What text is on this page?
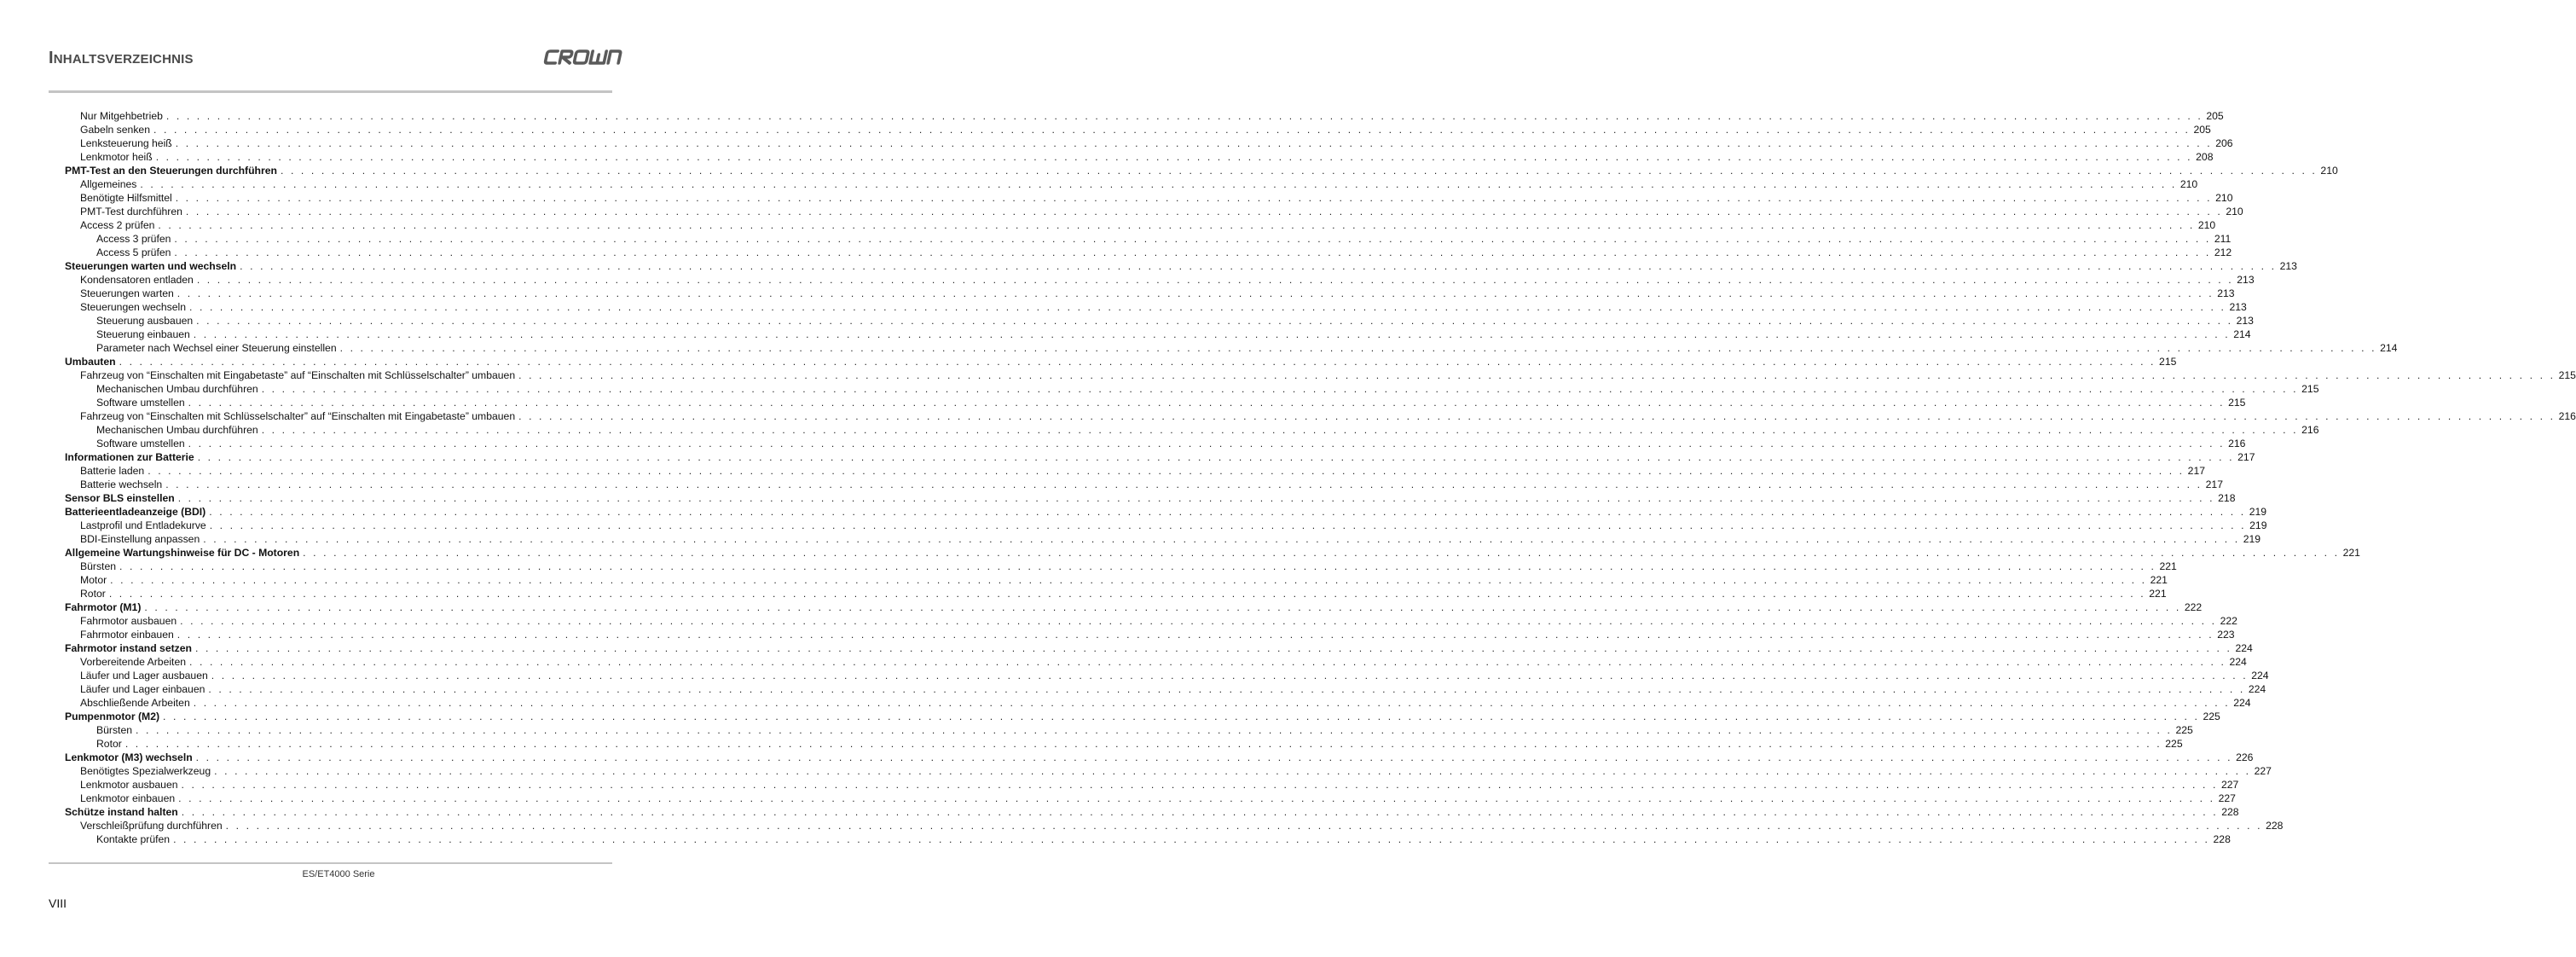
INHALTSVERZEICHNIS
Nur Mitgehbetrieb . . . . . . . . . . . . . . . . . . . . . . . . . . . . . . . . . . . . . . . . . . . . . . . . . . . . . . . . . . . . . . . . . . . . . . . . . . . . . . . . . . . . . . . . . . . . . . . . . . . . . . . . . . . . . . . . . . . . . . . . . . . . . . . . . . . . . . . . . . . . . . . . . . . . . . . . . . . . . . . . . . . . . . . . . . . . . . . . . . . . . . . . . . . . . . . . . . . . . . . . 205
Gabeln senken . . . . . . . . . . . . . . . . . . . . . . . . . . . . . . . . . . . . . . . . . . . . . . . . . . . . . . . . . . . . . . . . . . . . . . . . . . . . . . . . . . . . . . . . . . . . . . . . . . . . . . . . . . . . . . . . . . . . . . . . . . . . . . . . . . . . . . . . . . . . . . . . . . . . . . . . . . . . . . . . . . . . . . . . . . . . . . . . . . . . . . . . . . . . . . . . . . . . . . . . 205
Lenksteuerung heiß . . . . . . . . . . . . . . . . . . . . . . . . . . . . . . . . . . . . . . . . . . . . . . . . . . . . . . . . . . . . . . . . . . . . . . . . . . . . . . . . . . . . . . . . . . . . . . . . . . . . . . . . . . . . . . . . . . . . . . . . . . . . . . . . . . . . . . . . . . . . . . . . . . . . . . . . . . . . . . . . . . . . . . . . . . . . . . . . . . . . . . . . . . . . . . . . . . . . . . . . 206
Lenkmotor heiß . . . . . . . . . . . . . . . . . . . . . . . . . . . . . . . . . . . . . . . . . . . . . . . . . . . . . . . . . . . . . . . . . . . . . . . . . . . . . . . . . . . . . . . . . . . . . . . . . . . . . . . . . . . . . . . . . . . . . . . . . . . . . . . . . . . . . . . . . . . . . . . . . . . . . . . . . . . . . . . . . . . . . . . . . . . . . . . . . . . . . . . . . . . . . . . . . . . . . . . . 208
PMT-Test an den Steuerungen durchführen . . . . . . . . . . . . . . . . . . . . . . . . . . . . . . . . . . . . . . . . . . . . . . . . . . . . . . . . . . . . . . . . . . . . . . . . . . . . . . . . . . . . . . . . . . . . . . . . . . . . . . . . . . . . . . . . . . . . . . . . . . . . . . . . . . . . . . . . . . . . . . . . . . . . . . . . . . . . . . . . . . . . . . . . . . . . . . . . . . . . . . . . . . . . . . . . . . . . . . . . 210
Allgemeines . . . . . . . . . . . . . . . . . . . . . . . . . . . . . . . . . . . . . . . . . . . . . . . . . . . . . . . . . . . . . . . . . . . . . . . . . . . . . . . . . . . . . . . . . . . . . . . . . . . . . . . . . . . . . . . . . . . . . . . . . . . . . . . . . . . . . . . . . . . . . . . . . . . . . . . . . . . . . . . . . . . . . . . . . . . . . . . . . . . . . . . . . . . . . . . . . . . . . . . . 210
Benötigte Hilfsmittel . . . . . . . . . . . . . . . . . . . . . . . . . . . . . . . . . . . . . . . . . . . . . . . . . . . . . . . . . . . . . . . . . . . . . . . . . . . . . . . . . . . . . . . . . . . . . . . . . . . . . . . . . . . . . . . . . . . . . . . . . . . . . . . . . . . . . . . . . . . . . . . . . . . . . . . . . . . . . . . . . . . . . . . . . . . . . . . . . . . . . . . . . . . . . . . . . . . . . . . . 210
PMT-Test durchführen . . . . . . . . . . . . . . . . . . . . . . . . . . . . . . . . . . . . . . . . . . . . . . . . . . . . . . . . . . . . . . . . . . . . . . . . . . . . . . . . . . . . . . . . . . . . . . . . . . . . . . . . . . . . . . . . . . . . . . . . . . . . . . . . . . . . . . . . . . . . . . . . . . . . . . . . . . . . . . . . . . . . . . . . . . . . . . . . . . . . . . . . . . . . . . . . . . . . . . . . 210
Access 2 prüfen . . . . . . . . . . . . . . . . . . . . . . . . . . . . . . . . . . . . . . . . . . . . . . . . . . . . . . . . . . . . . . . . . . . . . . . . . . . . . . . . . . . . . . . . . . . . . . . . . . . . . . . . . . . . . . . . . . . . . . . . . . . . . . . . . . . . . . . . . . . . . . . . . . . . . . . . . . . . . . . . . . . . . . . . . . . . . . . . . . . . . . . . . . . . . . . . . . . . . . . . 210
Access 3 prüfen . . . . . . . . . . . . . . . . . . . . . . . . . . . . . . . . . . . . . . . . . . . . . . . . . . . . . . . . . . . . . . . . . . . . . . . . . . . . . . . . . . . . . . . . . . . . . . . . . . . . . . . . . . . . . . . . . . . . . . . . . . . . . . . . . . . . . . . . . . . . . . . . . . . . . . . . . . . . . . . . . . . . . . . . . . . . . . . . . . . . . . . . . . . . . . . . . . . . . . . . 211
Access 5 prüfen . . . . . . . . . . . . . . . . . . . . . . . . . . . . . . . . . . . . . . . . . . . . . . . . . . . . . . . . . . . . . . . . . . . . . . . . . . . . . . . . . . . . . . . . . . . . . . . . . . . . . . . . . . . . . . . . . . . . . . . . . . . . . . . . . . . . . . . . . . . . . . . . . . . . . . . . . . . . . . . . . . . . . . . . . . . . . . . . . . . . . . . . . . . . . . . . . . . . . . . . 212
Steuerungen warten und wechseln . . . . . . . . . . . . . . . . . . . . . . . . . . . . . . . . . . . . . . . . . . . . . . . . . . . . . . . . . . . . . . . . . . . . . . . . . . . . . . . . . . . . . . . . . . . . . . . . . . . . . . . . . . . . . . . . . . . . . . . . . . . . . . . . . . . . . . . . . . . . . . . . . . . . . . . . . . . . . . . . . . . . . . . . . . . . . . . . . . . . . . . . . . . . . . . . . . . . . . . . 213
Kondensatoren entladen . . . . . . . . . . . . . . . . . . . . . . . . . . . . . . . . . . . . . . . . . . . . . . . . . . . . . . . . . . . . . . . . . . . . . . . . . . . . . . . . . . . . . . . . . . . . . . . . . . . . . . . . . . . . . . . . . . . . . . . . . . . . . . . . . . . . . . . . . . . . . . . . . . . . . . . . . . . . . . . . . . . . . . . . . . . . . . . . . . . . . . . . . . . . . . . . . . . . . . . . 213
Steuerungen warten . . . . . . . . . . . . . . . . . . . . . . . . . . . . . . . . . . . . . . . . . . . . . . . . . . . . . . . . . . . . . . . . . . . . . . . . . . . . . . . . . . . . . . . . . . . . . . . . . . . . . . . . . . . . . . . . . . . . . . . . . . . . . . . . . . . . . . . . . . . . . . . . . . . . . . . . . . . . . . . . . . . . . . . . . . . . . . . . . . . . . . . . . . . . . . . . . . . . . . . . 213
Steuerungen wechseln . . . . . . . . . . . . . . . . . . . . . . . . . . . . . . . . . . . . . . . . . . . . . . . . . . . . . . . . . . . . . . . . . . . . . . . . . . . . . . . . . . . . . . . . . . . . . . . . . . . . . . . . . . . . . . . . . . . . . . . . . . . . . . . . . . . . . . . . . . . . . . . . . . . . . . . . . . . . . . . . . . . . . . . . . . . . . . . . . . . . . . . . . . . . . . . . . . . . . . . . 213
Steuerung ausbauen . . . . . . . . . . . . . . . . . . . . . . . . . . . . . . . . . . . . . . . . . . . . . . . . . . . . . . . . . . . . . . . . . . . . . . . . . . . . . . . . . . . . . . . . . . . . . . . . . . . . . . . . . . . . . . . . . . . . . . . . . . . . . . . . . . . . . . . . . . . . . . . . . . . . . . . . . . . . . . . . . . . . . . . . . . . . . . . . . . . . . . . . . . . . . . . . . . . . . . . . 213
Steuerung einbauen . . . . . . . . . . . . . . . . . . . . . . . . . . . . . . . . . . . . . . . . . . . . . . . . . . . . . . . . . . . . . . . . . . . . . . . . . . . . . . . . . . . . . . . . . . . . . . . . . . . . . . . . . . . . . . . . . . . . . . . . . . . . . . . . . . . . . . . . . . . . . . . . . . . . . . . . . . . . . . . . . . . . . . . . . . . . . . . . . . . . . . . . . . . . . . . . . . . . . . . . 214
Parameter nach Wechsel einer Steuerung einstellen . . . . . . . . . . . . . . . . . . . . . . . . . . . . . . . . . . . . . . . . . . . . . . . . . . . . . . . . . . . . . . . . . . . . . . . . . . . . . . . . . . . . . . . . . . . . . . . . . . . . . . . . . . . . . . . . . . . . . . . . . . . . . . . . . . . . . . . . . . . . . . . . . . . . . . . . . . . . . . . . . . . . . . . . . . . . . . . . . . . . . . . . . . . . . . . . . . . . . . . . 214
Umbauten . . . . . . . . . . . . . . . . . . . . . . . . . . . . . . . . . . . . . . . . . . . . . . . . . . . . . . . . . . . . . . . . . . . . . . . . . . . . . . . . . . . . . . . . . . . . . . . . . . . . . . . . . . . . . . . . . . . . . . . . . . . . . . . . . . . . . . . . . . . . . . . . . . . . . . . . . . . . . . . . . . . . . . . . . . . . . . . . . . . . . . . . . . . . . . . . . . . . . . . . 215
Fahrzeug von “Einschalten mit Eingabetaste” auf “Einschalten mit Schlüsselschalter” umbauen . . . . . . . . . . . . . . . . . . . . . . . . . . . . . . . . . . . . . . . . . . . . . . . . . . . . . . . . . . . . . . . . . . . . . . . . . . . . . . . . . . . . . . . . . . . . . . . . . . . . . . . . . . . . . . . . . . . . . . . . . . . . . . . . . . . . . . . . . . . . . . . . . . . . . . . . . . . . . . . . . . . . . . . . . . . . . . . . . . . . . . . . . . . . . . . . . . . . . . . . 215
Mechanischen Umbau durchführen . . . . . . . . . . . . . . . . . . . . . . . . . . . . . . . . . . . . . . . . . . . . . . . . . . . . . . . . . . . . . . . . . . . . . . . . . . . . . . . . . . . . . . . . . . . . . . . . . . . . . . . . . . . . . . . . . . . . . . . . . . . . . . . . . . . . . . . . . . . . . . . . . . . . . . . . . . . . . . . . . . . . . . . . . . . . . . . . . . . . . . . . . . . . . . . . . . . . . . . . 215
Software umstellen . . . . . . . . . . . . . . . . . . . . . . . . . . . . . . . . . . . . . . . . . . . . . . . . . . . . . . . . . . . . . . . . . . . . . . . . . . . . . . . . . . . . . . . . . . . . . . . . . . . . . . . . . . . . . . . . . . . . . . . . . . . . . . . . . . . . . . . . . . . . . . . . . . . . . . . . . . . . . . . . . . . . . . . . . . . . . . . . . . . . . . . . . . . . . . . . . . . . . . . . 215
Fahrzeug von “Einschalten mit Schlüsselschalter” auf “Einschalten mit Eingabetaste” umbauen . . . . . . . . . . . . . . . . . . . . . . . . . . . . . . . . . . . . . . . . . . . . . . . . . . . . . . . . . . . . . . . . . . . . . . . . . . . . . . . . . . . . . . . . . . . . . . . . . . . . . . . . . . . . . . . . . . . . . . . . . . . . . . . . . . . . . . . . . . . . . . . . . . . . . . . . . . . . . . . . . . . . . . . . . . . . . . . . . . . . . . . . . . . . . . . . . . . . . . . . 216
Mechanischen Umbau durchführen . . . . . . . . . . . . . . . . . . . . . . . . . . . . . . . . . . . . . . . . . . . . . . . . . . . . . . . . . . . . . . . . . . . . . . . . . . . . . . . . . . . . . . . . . . . . . . . . . . . . . . . . . . . . . . . . . . . . . . . . . . . . . . . . . . . . . . . . . . . . . . . . . . . . . . . . . . . . . . . . . . . . . . . . . . . . . . . . . . . . . . . . . . . . . . . . . . . . . . . . 216
Software umstellen . . . . . . . . . . . . . . . . . . . . . . . . . . . . . . . . . . . . . . . . . . . . . . . . . . . . . . . . . . . . . . . . . . . . . . . . . . . . . . . . . . . . . . . . . . . . . . . . . . . . . . . . . . . . . . . . . . . . . . . . . . . . . . . . . . . . . . . . . . . . . . . . . . . . . . . . . . . . . . . . . . . . . . . . . . . . . . . . . . . . . . . . . . . . . . . . . . . . . . . . 216
Informationen zur Batterie . . . . . . . . . . . . . . . . . . . . . . . . . . . . . . . . . . . . . . . . . . . . . . . . . . . . . . . . . . . . . . . . . . . . . . . . . . . . . . . . . . . . . . . . . . . . . . . . . . . . . . . . . . . . . . . . . . . . . . . . . . . . . . . . . . . . . . . . . . . . . . . . . . . . . . . . . . . . . . . . . . . . . . . . . . . . . . . . . . . . . . . . . . . . . . . . . . . . . . . . 217
Batterie laden . . . . . . . . . . . . . . . . . . . . . . . . . . . . . . . . . . . . . . . . . . . . . . . . . . . . . . . . . . . . . . . . . . . . . . . . . . . . . . . . . . . . . . . . . . . . . . . . . . . . . . . . . . . . . . . . . . . . . . . . . . . . . . . . . . . . . . . . . . . . . . . . . . . . . . . . . . . . . . . . . . . . . . . . . . . . . . . . . . . . . . . . . . . . . . . . . . . . . . . . 217
Batterie wechseln . . . . . . . . . . . . . . . . . . . . . . . . . . . . . . . . . . . . . . . . . . . . . . . . . . . . . . . . . . . . . . . . . . . . . . . . . . . . . . . . . . . . . . . . . . . . . . . . . . . . . . . . . . . . . . . . . . . . . . . . . . . . . . . . . . . . . . . . . . . . . . . . . . . . . . . . . . . . . . . . . . . . . . . . . . . . . . . . . . . . . . . . . . . . . . . . . . . . . . . . 217
Sensor BLS einstellen . . . . . . . . . . . . . . . . . . . . . . . . . . . . . . . . . . . . . . . . . . . . . . . . . . . . . . . . . . . . . . . . . . . . . . . . . . . . . . . . . . . . . . . . . . . . . . . . . . . . . . . . . . . . . . . . . . . . . . . . . . . . . . . . . . . . . . . . . . . . . . . . . . . . . . . . . . . . . . . . . . . . . . . . . . . . . . . . . . . . . . . . . . . . . . . . . . . . . . . . 218
Batterieentladeanzeige (BDI) . . . . . . . . . . . . . . . . . . . . . . . . . . . . . . . . . . . . . . . . . . . . . . . . . . . . . . . . . . . . . . . . . . . . . . . . . . . . . . . . . . . . . . . . . . . . . . . . . . . . . . . . . . . . . . . . . . . . . . . . . . . . . . . . . . . . . . . . . . . . . . . . . . . . . . . . . . . . . . . . . . . . . . . . . . . . . . . . . . . . . . . . . . . . . . . . . . . . . . . . 219
Lastprofil und Entladekurve . . . . . . . . . . . . . . . . . . . . . . . . . . . . . . . . . . . . . . . . . . . . . . . . . . . . . . . . . . . . . . . . . . . . . . . . . . . . . . . . . . . . . . . . . . . . . . . . . . . . . . . . . . . . . . . . . . . . . . . . . . . . . . . . . . . . . . . . . . . . . . . . . . . . . . . . . . . . . . . . . . . . . . . . . . . . . . . . . . . . . . . . . . . . . . . . . . . . . . . . 219
BDI-Einstellung anpassen . . . . . . . . . . . . . . . . . . . . . . . . . . . . . . . . . . . . . . . . . . . . . . . . . . . . . . . . . . . . . . . . . . . . . . . . . . . . . . . . . . . . . . . . . . . . . . . . . . . . . . . . . . . . . . . . . . . . . . . . . . . . . . . . . . . . . . . . . . . . . . . . . . . . . . . . . . . . . . . . . . . . . . . . . . . . . . . . . . . . . . . . . . . . . . . . . . . . . . . . 219
Allgemeine Wartungshinweise für DC - Motoren . . . . . . . . . . . . . . . . . . . . . . . . . . . . . . . . . . . . . . . . . . . . . . . . . . . . . . . . . . . . . . . . . . . . . . . . . . . . . . . . . . . . . . . . . . . . . . . . . . . . . . . . . . . . . . . . . . . . . . . . . . . . . . . . . . . . . . . . . . . . . . . . . . . . . . . . . . . . . . . . . . . . . . . . . . . . . . . . . . . . . . . . . . . . . . . . . . . . . . . . 221
Bürsten . . . . . . . . . . . . . . . . . . . . . . . . . . . . . . . . . . . . . . . . . . . . . . . . . . . . . . . . . . . . . . . . . . . . . . . . . . . . . . . . . . . . . . . . . . . . . . . . . . . . . . . . . . . . . . . . . . . . . . . . . . . . . . . . . . . . . . . . . . . . . . . . . . . . . . . . . . . . . . . . . . . . . . . . . . . . . . . . . . . . . . . . . . . . . . . . . . . . . . . . 221
Motor . . . . . . . . . . . . . . . . . . . . . . . . . . . . . . . . . . . . . . . . . . . . . . . . . . . . . . . . . . . . . . . . . . . . . . . . . . . . . . . . . . . . . . . . . . . . . . . . . . . . . . . . . . . . . . . . . . . . . . . . . . . . . . . . . . . . . . . . . . . . . . . . . . . . . . . . . . . . . . . . . . . . . . . . . . . . . . . . . . . . . . . . . . . . . . . . . . . . . . . . 221
Rotor . . . . . . . . . . . . . . . . . . . . . . . . . . . . . . . . . . . . . . . . . . . . . . . . . . . . . . . . . . . . . . . . . . . . . . . . . . . . . . . . . . . . . . . . . . . . . . . . . . . . . . . . . . . . . . . . . . . . . . . . . . . . . . . . . . . . . . . . . . . . . . . . . . . . . . . . . . . . . . . . . . . . . . . . . . . . . . . . . . . . . . . . . . . . . . . . . . . . . . . . 221
Fahrmotor (M1) . . . . . . . . . . . . . . . . . . . . . . . . . . . . . . . . . . . . . . . . . . . . . . . . . . . . . . . . . . . . . . . . . . . . . . . . . . . . . . . . . . . . . . . . . . . . . . . . . . . . . . . . . . . . . . . . . . . . . . . . . . . . . . . . . . . . . . . . . . . . . . . . . . . . . . . . . . . . . . . . . . . . . . . . . . . . . . . . . . . . . . . . . . . . . . . . . . . . . . . . 222
Fahrmotor ausbauen . . . . . . . . . . . . . . . . . . . . . . . . . . . . . . . . . . . . . . . . . . . . . . . . . . . . . . . . . . . . . . . . . . . . . . . . . . . . . . . . . . . . . . . . . . . . . . . . . . . . . . . . . . . . . . . . . . . . . . . . . . . . . . . . . . . . . . . . . . . . . . . . . . . . . . . . . . . . . . . . . . . . . . . . . . . . . . . . . . . . . . . . . . . . . . . . . . . . . . . . 222
Fahrmotor einbauen . . . . . . . . . . . . . . . . . . . . . . . . . . . . . . . . . . . . . . . . . . . . . . . . . . . . . . . . . . . . . . . . . . . . . . . . . . . . . . . . . . . . . . . . . . . . . . . . . . . . . . . . . . . . . . . . . . . . . . . . . . . . . . . . . . . . . . . . . . . . . . . . . . . . . . . . . . . . . . . . . . . . . . . . . . . . . . . . . . . . . . . . . . . . . . . . . . . . . . . . 223
Fahrmotor instand setzen . . . . . . . . . . . . . . . . . . . . . . . . . . . . . . . . . . . . . . . . . . . . . . . . . . . . . . . . . . . . . . . . . . . . . . . . . . . . . . . . . . . . . . . . . . . . . . . . . . . . . . . . . . . . . . . . . . . . . . . . . . . . . . . . . . . . . . . . . . . . . . . . . . . . . . . . . . . . . . . . . . . . . . . . . . . . . . . . . . . . . . . . . . . . . . . . . . . . . . . . 224
Vorbereitende Arbeiten . . . . . . . . . . . . . . . . . . . . . . . . . . . . . . . . . . . . . . . . . . . . . . . . . . . . . . . . . . . . . . . . . . . . . . . . . . . . . . . . . . . . . . . . . . . . . . . . . . . . . . . . . . . . . . . . . . . . . . . . . . . . . . . . . . . . . . . . . . . . . . . . . . . . . . . . . . . . . . . . . . . . . . . . . . . . . . . . . . . . . . . . . . . . . . . . . . . . . . . . 224
Läufer und Lager ausbauen . . . . . . . . . . . . . . . . . . . . . . . . . . . . . . . . . . . . . . . . . . . . . . . . . . . . . . . . . . . . . . . . . . . . . . . . . . . . . . . . . . . . . . . . . . . . . . . . . . . . . . . . . . . . . . . . . . . . . . . . . . . . . . . . . . . . . . . . . . . . . . . . . . . . . . . . . . . . . . . . . . . . . . . . . . . . . . . . . . . . . . . . . . . . . . . . . . . . . . . . 224
Läufer und Lager einbauen . . . . . . . . . . . . . . . . . . . . . . . . . . . . . . . . . . . . . . . . . . . . . . . . . . . . . . . . . . . . . . . . . . . . . . . . . . . . . . . . . . . . . . . . . . . . . . . . . . . . . . . . . . . . . . . . . . . . . . . . . . . . . . . . . . . . . . . . . . . . . . . . . . . . . . . . . . . . . . . . . . . . . . . . . . . . . . . . . . . . . . . . . . . . . . . . . . . . . . . . 224
Abschließende Arbeiten . . . . . . . . . . . . . . . . . . . . . . . . . . . . . . . . . . . . . . . . . . . . . . . . . . . . . . . . . . . . . . . . . . . . . . . . . . . . . . . . . . . . . . . . . . . . . . . . . . . . . . . . . . . . . . . . . . . . . . . . . . . . . . . . . . . . . . . . . . . . . . . . . . . . . . . . . . . . . . . . . . . . . . . . . . . . . . . . . . . . . . . . . . . . . . . . . . . . . . . . 224
Pumpenmotor (M2) . . . . . . . . . . . . . . . . . . . . . . . . . . . . . . . . . . . . . . . . . . . . . . . . . . . . . . . . . . . . . . . . . . . . . . . . . . . . . . . . . . . . . . . . . . . . . . . . . . . . . . . . . . . . . . . . . . . . . . . . . . . . . . . . . . . . . . . . . . . . . . . . . . . . . . . . . . . . . . . . . . . . . . . . . . . . . . . . . . . . . . . . . . . . . . . . . . . . . . . . 225
Bürsten . . . . . . . . . . . . . . . . . . . . . . . . . . . . . . . . . . . . . . . . . . . . . . . . . . . . . . . . . . . . . . . . . . . . . . . . . . . . . . . . . . . . . . . . . . . . . . . . . . . . . . . . . . . . . . . . . . . . . . . . . . . . . . . . . . . . . . . . . . . . . . . . . . . . . . . . . . . . . . . . . . . . . . . . . . . . . . . . . . . . . . . . . . . . . . . . . . . . . . . . 225
Rotor . . . . . . . . . . . . . . . . . . . . . . . . . . . . . . . . . . . . . . . . . . . . . . . . . . . . . . . . . . . . . . . . . . . . . . . . . . . . . . . . . . . . . . . . . . . . . . . . . . . . . . . . . . . . . . . . . . . . . . . . . . . . . . . . . . . . . . . . . . . . . . . . . . . . . . . . . . . . . . . . . . . . . . . . . . . . . . . . . . . . . . . . . . . . . . . . . . . . . . . . 225
Lenkmotor (M3) wechseln . . . . . . . . . . . . . . . . . . . . . . . . . . . . . . . . . . . . . . . . . . . . . . . . . . . . . . . . . . . . . . . . . . . . . . . . . . . . . . . . . . . . . . . . . . . . . . . . . . . . . . . . . . . . . . . . . . . . . . . . . . . . . . . . . . . . . . . . . . . . . . . . . . . . . . . . . . . . . . . . . . . . . . . . . . . . . . . . . . . . . . . . . . . . . . . . . . . . . . . . 226
Benötigtes Spezialwerkzeug . . . . . . . . . . . . . . . . . . . . . . . . . . . . . . . . . . . . . . . . . . . . . . . . . . . . . . . . . . . . . . . . . . . . . . . . . . . . . . . . . . . . . . . . . . . . . . . . . . . . . . . . . . . . . . . . . . . . . . . . . . . . . . . . . . . . . . . . . . . . . . . . . . . . . . . . . . . . . . . . . . . . . . . . . . . . . . . . . . . . . . . . . . . . . . . . . . . . . . . . 227
Lenkmotor ausbauen . . . . . . . . . . . . . . . . . . . . . . . . . . . . . . . . . . . . . . . . . . . . . . . . . . . . . . . . . . . . . . . . . . . . . . . . . . . . . . . . . . . . . . . . . . . . . . . . . . . . . . . . . . . . . . . . . . . . . . . . . . . . . . . . . . . . . . . . . . . . . . . . . . . . . . . . . . . . . . . . . . . . . . . . . . . . . . . . . . . . . . . . . . . . . . . . . . . . . . . . 227
Lenkmotor einbauen . . . . . . . . . . . . . . . . . . . . . . . . . . . . . . . . . . . . . . . . . . . . . . . . . . . . . . . . . . . . . . . . . . . . . . . . . . . . . . . . . . . . . . . . . . . . . . . . . . . . . . . . . . . . . . . . . . . . . . . . . . . . . . . . . . . . . . . . . . . . . . . . . . . . . . . . . . . . . . . . . . . . . . . . . . . . . . . . . . . . . . . . . . . . . . . . . . . . . . . . 227
Schütze instand halten . . . . . . . . . . . . . . . . . . . . . . . . . . . . . . . . . . . . . . . . . . . . . . . . . . . . . . . . . . . . . . . . . . . . . . . . . . . . . . . . . . . . . . . . . . . . . . . . . . . . . . . . . . . . . . . . . . . . . . . . . . . . . . . . . . . . . . . . . . . . . . . . . . . . . . . . . . . . . . . . . . . . . . . . . . . . . . . . . . . . . . . . . . . . . . . . . . . . . . . . 228
Verschleißprüfung durchführen . . . . . . . . . . . . . . . . . . . . . . . . . . . . . . . . . . . . . . . . . . . . . . . . . . . . . . . . . . . . . . . . . . . . . . . . . . . . . . . . . . . . . . . . . . . . . . . . . . . . . . . . . . . . . . . . . . . . . . . . . . . . . . . . . . . . . . . . . . . . . . . . . . . . . . . . . . . . . . . . . . . . . . . . . . . . . . . . . . . . . . . . . . . . . . . . . . . . . . . . 228
Kontakte prüfen . . . . . . . . . . . . . . . . . . . . . . . . . . . . . . . . . . . . . . . . . . . . . . . . . . . . . . . . . . . . . . . . . . . . . . . . . . . . . . . . . . . . . . . . . . . . . . . . . . . . . . . . . . . . . . . . . . . . . . . . . . . . . . . . . . . . . . . . . . . . . . . . . . . . . . . . . . . . . . . . . . . . . . . . . . . . . . . . . . . . . . . . . . . . . . . . . . . . . . . . 228
ES/ET4000 Serie
VIII
